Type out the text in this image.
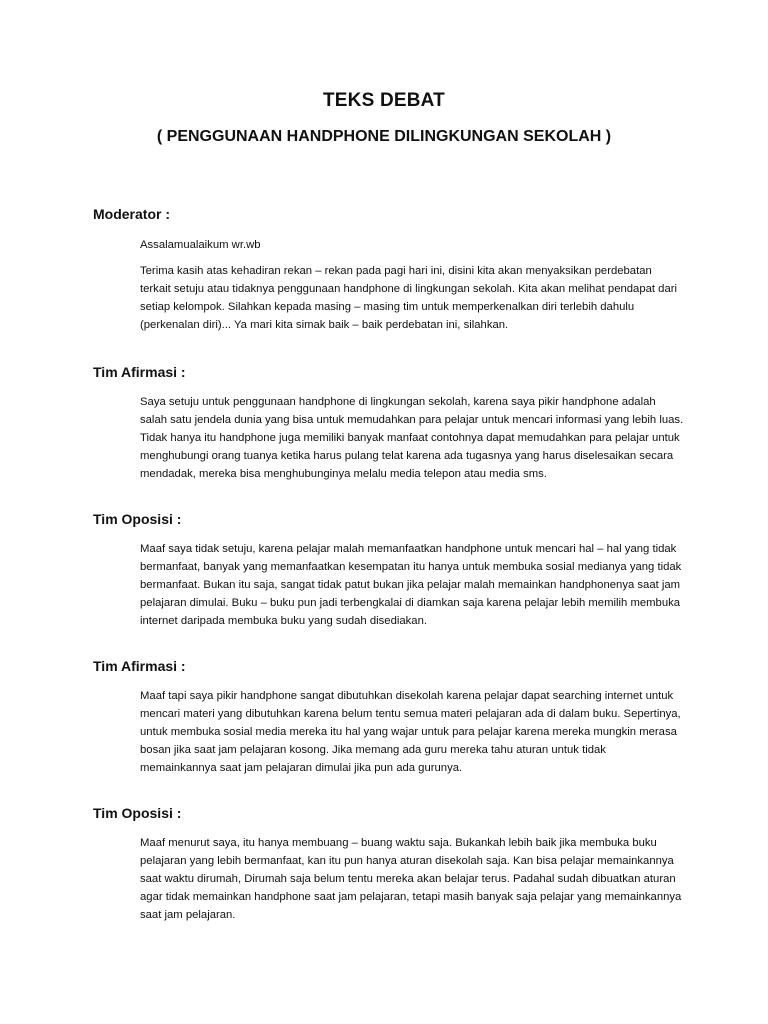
TEKS DEBAT
( PENGGUNAAN HANDPHONE DILINGKUNGAN SEKOLAH )
Moderator :

Assalamualaikum wr.wb

Terima kasih atas kehadiran rekan – rekan pada pagi hari ini, disini kita akan menyaksikan perdebatan terkait setuju atau tidaknya penggunaan handphone di lingkungan sekolah. Kita akan melihat pendapat dari setiap kelompok. Silahkan kepada masing – masing tim untuk memperkenalkan diri terlebih dahulu (perkenalan diri)... Ya mari kita simak baik – baik perdebatan ini, silahkan.

Tim Afirmasi :

Saya setuju untuk penggunaan handphone di lingkungan sekolah, karena saya pikir handphone adalah salah satu jendela dunia yang bisa untuk memudahkan para pelajar untuk mencari informasi yang lebih luas. Tidak hanya itu handphone juga memiliki banyak manfaat contohnya dapat memudahkan para pelajar untuk menghubungi orang tuanya ketika harus pulang telat karena ada tugasnya yang harus diselesaikan secara mendadak, mereka bisa menghubunginya melalu media telepon atau media sms.

Tim Oposisi :

Maaf saya tidak setuju, karena pelajar malah memanfaatkan handphone untuk mencari hal – hal yang tidak bermanfaat, banyak yang memanfaatkan kesempatan itu hanya untuk membuka sosial medianya yang tidak bermanfaat. Bukan itu saja, sangat tidak patut bukan jika pelajar malah memainkan handphonenya saat jam pelajaran dimulai. Buku – buku pun jadi terbengkalai di diamkan saja karena pelajar lebih memilih membuka internet daripada membuka buku yang sudah disediakan.

Tim Afirmasi :

Maaf tapi saya pikir handphone sangat dibutuhkan disekolah karena pelajar dapat searching internet untuk mencari materi yang dibutuhkan karena belum tentu semua materi pelajaran ada di dalam buku. Sepertinya, untuk membuka sosial media mereka itu hal yang wajar untuk para pelajar karena mereka mungkin merasa bosan jika saat jam pelajaran kosong. Jika memang ada guru mereka tahu aturan untuk tidak memainkannya saat jam pelajaran dimulai jika pun ada gurunya.

Tim Oposisi :

Maaf menurut saya, itu hanya membuang – buang waktu saja. Bukankah lebih baik jika membuka buku pelajaran yang lebih bermanfaat, kan itu pun hanya aturan disekolah saja. Kan bisa pelajar memainkannya saat waktu dirumah, Dirumah saja belum tentu mereka akan belajar terus. Padahal sudah dibuatkan aturan agar tidak memainkan handphone saat jam pelajaran, tetapi masih banyak saja pelajar yang memainkannya saat jam pelajaran.
